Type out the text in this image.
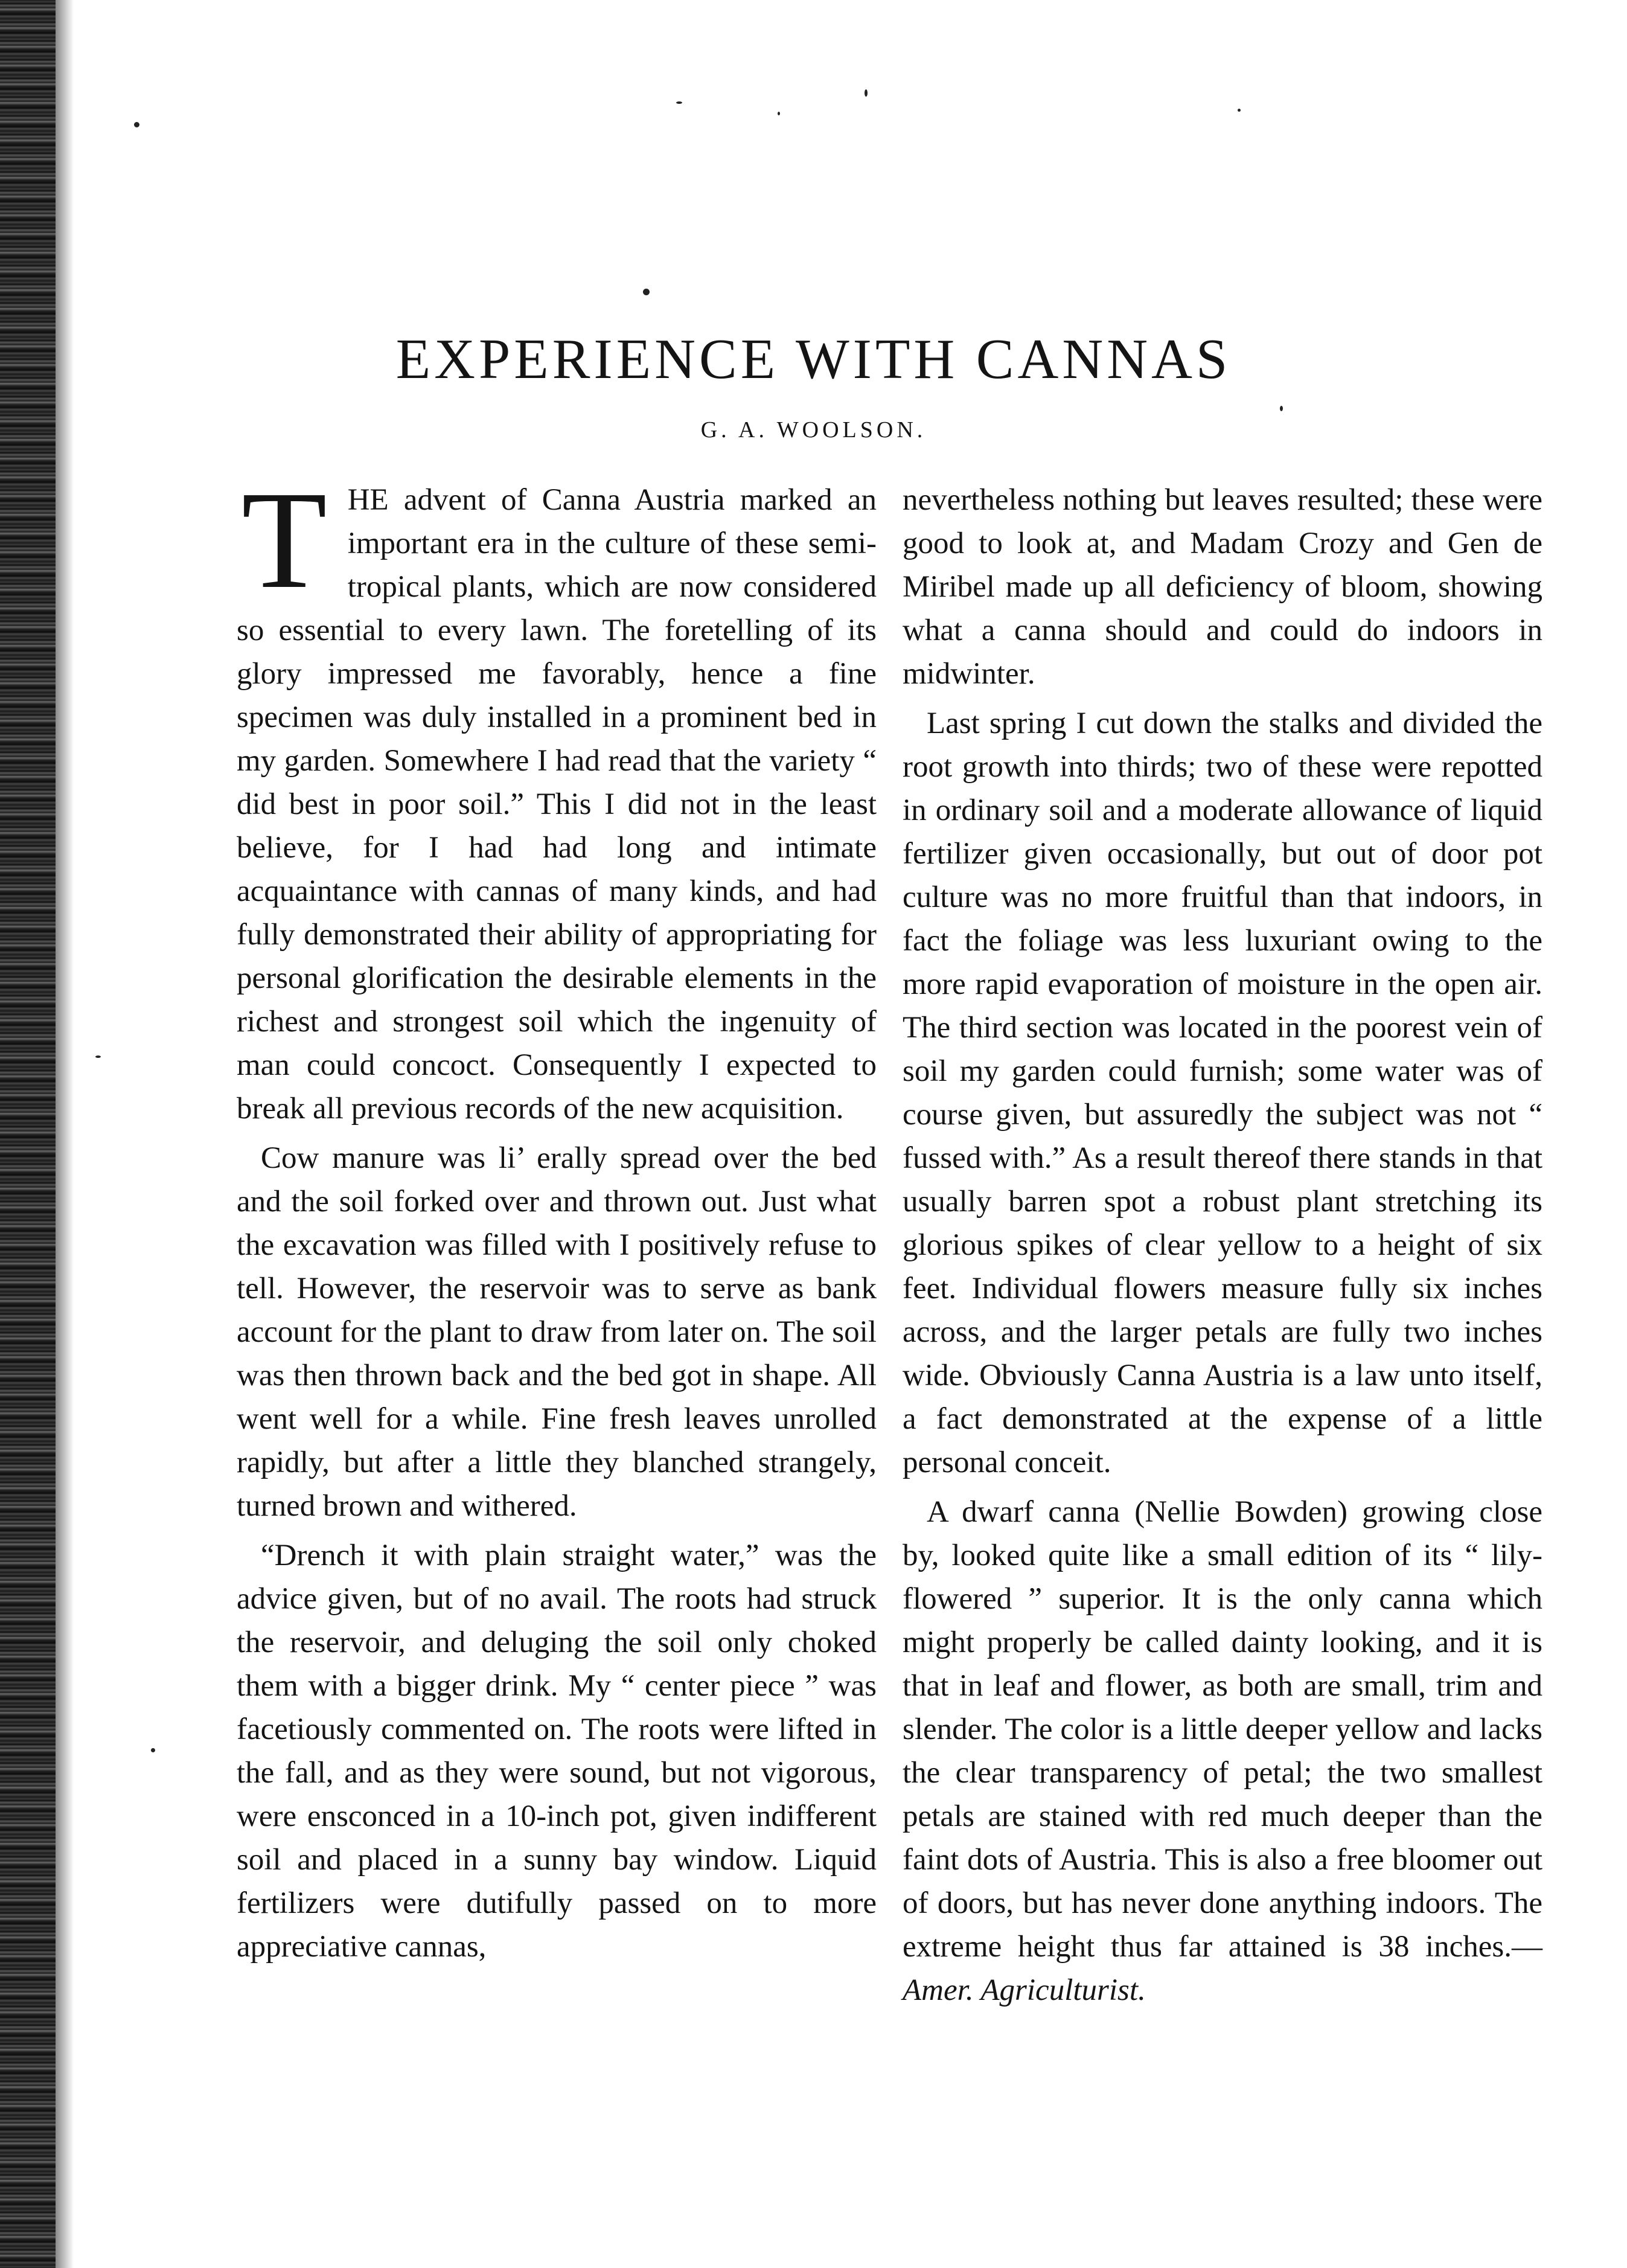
EXPERIENCE WITH CANNAS
G. A. WOOLSON.

THE advent of Canna Austria marked an important era in the culture of these semi-tropical plants, which are now considered so essential to every lawn. The foretelling of its glory impressed me favorably, hence a fine specimen was duly installed in a prominent bed in my garden. Somewhere I had read that the variety “ did best in poor soil.” This I did not in the least believe, for I had had long and intimate acquaintance with cannas of many kinds, and had fully demonstrated their ability of appropriating for personal glorification the desirable elements in the richest and strongest soil which the ingenuity of man could concoct. Consequently I expected to break all previous records of the new acquisition.

Cow manure was li’ erally spread over the bed and the soil forked over and thrown out. Just what the excavation was filled with I positively refuse to tell. However, the reservoir was to serve as bank account for the plant to draw from later on. The soil was then thrown back and the bed got in shape. All went well for a while. Fine fresh leaves unrolled rapidly, but after a little they blanched strangely, turned brown and withered.

“Drench it with plain straight water,” was the advice given, but of no avail. The roots had struck the reservoir, and deluging the soil only choked them with a bigger drink. My “ center piece ” was facetiously commented on. The roots were lifted in the fall, and as they were sound, but not vigorous, were ensconced in a 10-inch pot, given indifferent soil and placed in a sunny bay window. Liquid fertilizers were dutifully passed on to more appreciative cannas,

nevertheless nothing but leaves resulted; these were good to look at, and Madam Crozy and Gen de Miribel made up all deficiency of bloom, showing what a canna should and could do indoors in midwinter.

Last spring I cut down the stalks and divided the root growth into thirds; two of these were repotted in ordinary soil and a moderate allowance of liquid fertilizer given occasionally, but out of door pot culture was no more fruitful than that indoors, in fact the foliage was less luxuriant owing to the more rapid evaporation of moisture in the open air. The third section was located in the poorest vein of soil my garden could furnish; some water was of course given, but assuredly the subject was not “ fussed with.” As a result thereof there stands in that usually barren spot a robust plant stretching its glorious spikes of clear yellow to a height of six feet. Individual flowers measure fully six inches across, and the larger petals are fully two inches wide. Obviously Canna Austria is a law unto itself, a fact demonstrated at the expense of a little personal conceit.

A dwarf canna (Nellie Bowden) growing close by, looked quite like a small edition of its “ lily-flowered ” superior. It is the only canna which might properly be called dainty looking, and it is that in leaf and flower, as both are small, trim and slender. The color is a little deeper yellow and lacks the clear transparency of petal; the two smallest petals are stained with red much deeper than the faint dots of Austria. This is also a free bloomer out of doors, but has never done anything indoors. The extreme height thus far attained is 38 inches.—Amer. Agriculturist.
